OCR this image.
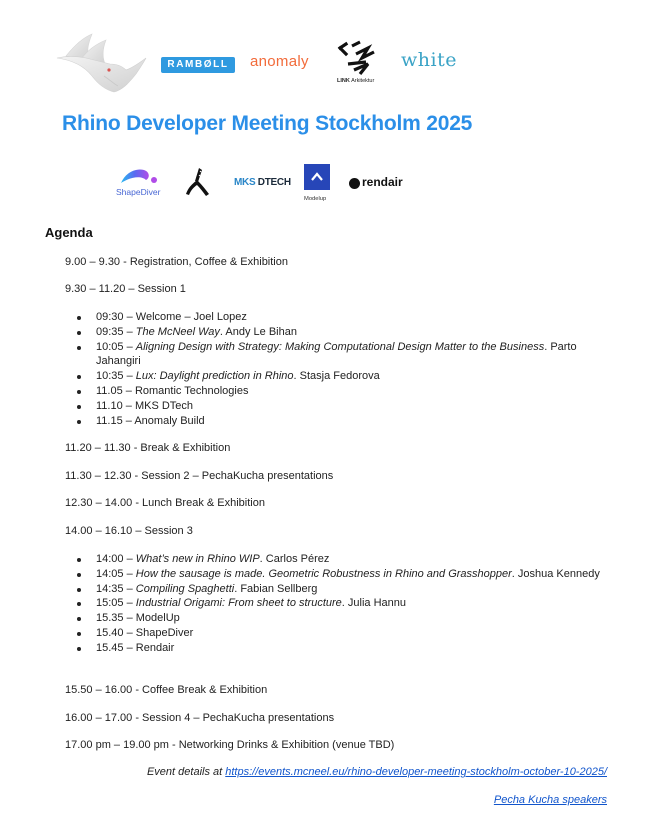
RAMBØLL	anomaly
LINK Arkitektur
white
Rhino Developer Meeting Stockholm 2025
ShapeDiver
MKS DTECH
Modelup
rendair
Agenda
9.00 – 9.30 - Registration, Coffee & Exhibition
9.30 – 11.20 – Session 1
09:30 – Welcome – Joel Lopez
09:35 – The McNeel Way. Andy Le Bihan
10:05 – Aligning Design with Strategy: Making Computational Design Matter to the Business. Parto Jahangiri
10:35 – Lux: Daylight prediction in Rhino. Stasja Fedorova
11.05 – Romantic Technologies
11.10 – MKS DTech
11.15 – Anomaly Build
11.20 – 11.30 - Break & Exhibition
11.30 – 12.30 - Session 2 – PechaKucha presentations
12.30 – 14.00 - Lunch Break & Exhibition
14.00 – 16.10 – Session 3
14:00 – What’s new in Rhino WIP. Carlos Pérez
14:05 – How the sausage is made. Geometric Robustness in Rhino and Grasshopper. Joshua Kennedy
14:35 – Compiling Spaghetti. Fabian Sellberg
15:05 – Industrial Origami: From sheet to structure. Julia Hannu
15.35 – ModelUp
15.40 – ShapeDiver
15.45 – Rendair
15.50 – 16.00 - Coffee Break & Exhibition
16.00 – 17.00 - Session 4 – PechaKucha presentations
17.00 pm – 19.00 pm - Networking Drinks & Exhibition (venue TBD)
Event details at https://events.mcneel.eu/rhino-developer-meeting-stockholm-october-10-2025/
Pecha Kucha speakers
